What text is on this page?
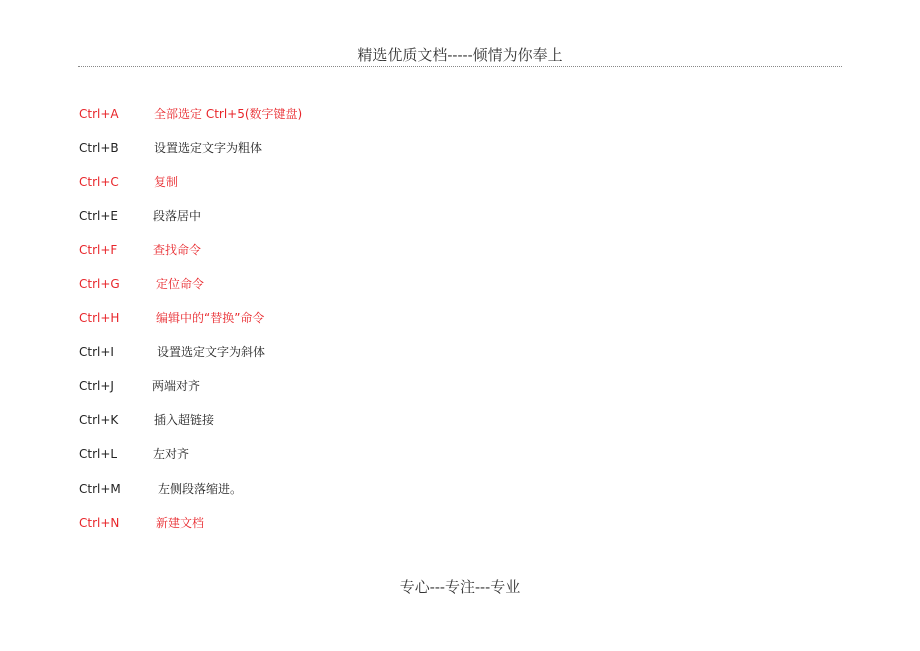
精选优质文档-----倾情为你奉上
Ctrl+A	全部选定 Ctrl+5(数字键盘)
Ctrl+B	设置选定文字为粗体
Ctrl+C	复制
Ctrl+E	段落居中
Ctrl+F	查找命令
Ctrl+G	定位命令
Ctrl+H	编辑中的“替换”命令
Ctrl+I	设置选定文字为斜体
Ctrl+J	两端对齐
Ctrl+K	插入超链接
Ctrl+L	左对齐
Ctrl+M	左侧段落缩进。
Ctrl+N	新建文档
专心---专注---专业
